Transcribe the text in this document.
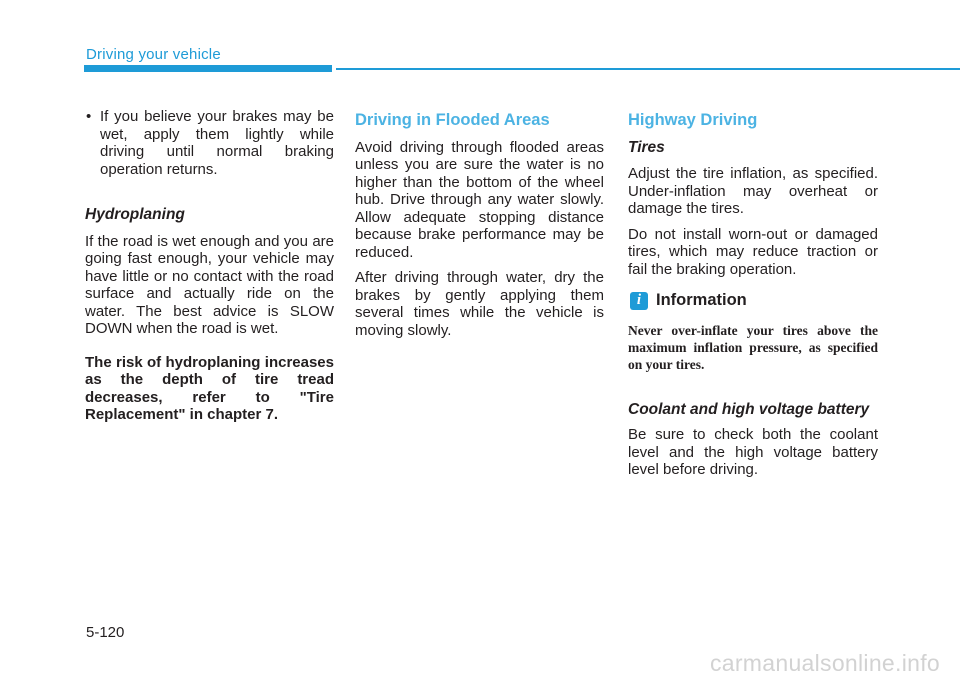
Driving your vehicle
• If you believe your brakes may be wet, apply them lightly while driving until normal braking operation returns.
Hydroplaning

If the road is wet enough and you are going fast enough, your vehicle may have little or no contact with the road surface and actually ride on the water. The best advice is SLOW DOWN when the road is wet.

The risk of hydroplaning increases as the depth of tire tread decreases, refer to "Tire Replacement" in chapter 7.

Driving in Flooded Areas

Avoid driving through flooded areas unless you are sure the water is no higher than the bottom of the wheel hub. Drive through any water slowly. Allow adequate stopping distance because brake performance may be reduced.

After driving through water, dry the brakes by gently applying them several times while the vehicle is moving slowly.

Highway Driving
Tires

Adjust the tire inflation, as specified. Under-inflation may overheat or damage the tires.

Do not install worn-out or damaged tires, which may reduce traction or fail the braking operation.

i Information

Never over-inflate your tires above the maximum inflation pressure, as specified on your tires.

Coolant and high voltage battery

Be sure to check both the coolant level and the high voltage battery level before driving.

5-120
carmanualsonline.info
